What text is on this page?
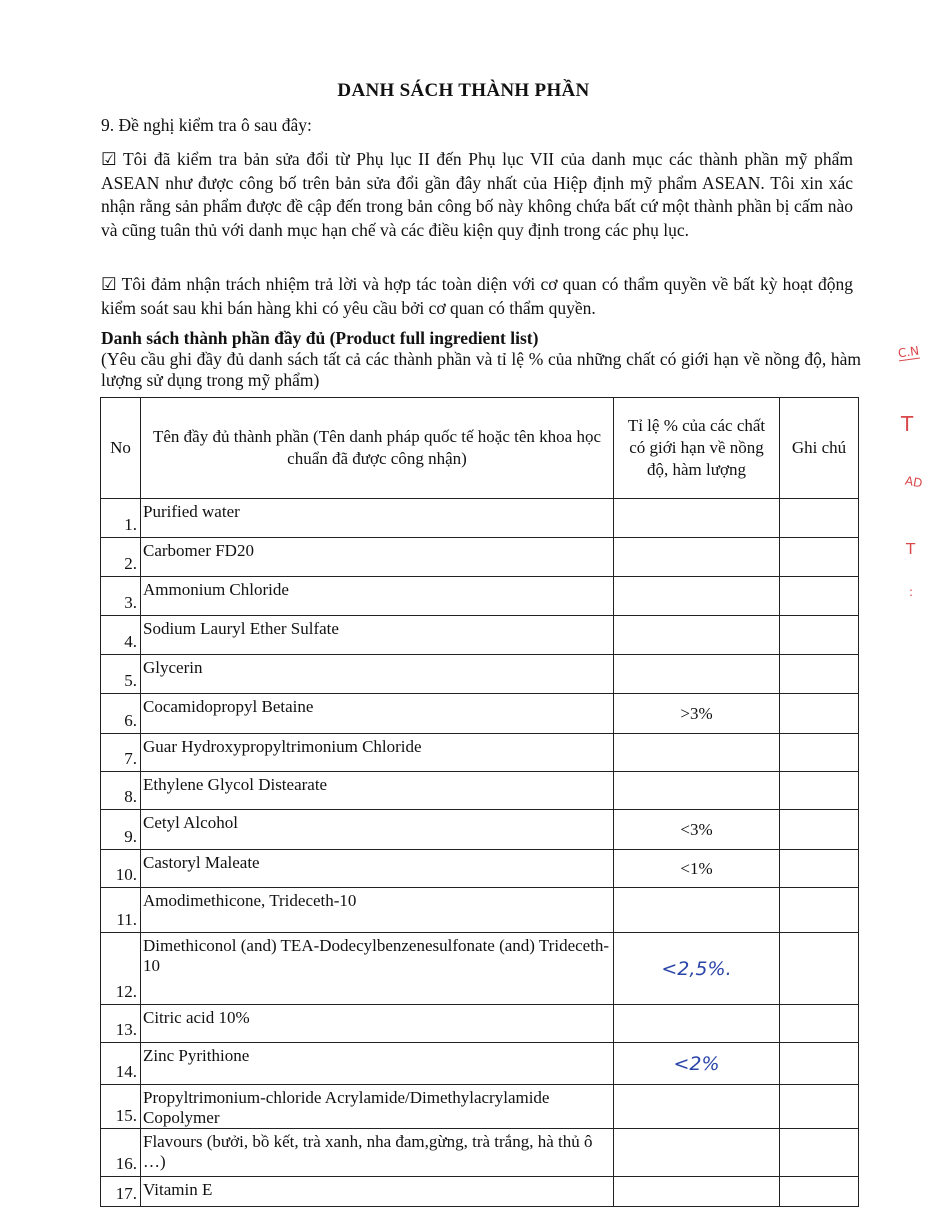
DANH SÁCH THÀNH PHẦN
9. Đề nghị kiểm tra ô sau đây:
☑ Tôi đã kiểm tra bản sửa đổi từ Phụ lục II đến Phụ lục VII của danh mục các thành phần mỹ phẩm ASEAN như được công bố trên bản sửa đổi gần đây nhất của Hiệp định mỹ phẩm ASEAN. Tôi xin xác nhận rằng sản phẩm được đề cập đến trong bản công bố này không chứa bất cứ một thành phần bị cấm nào và cũng tuân thủ với danh mục hạn chế và các điều kiện quy định trong các phụ lục.
☑ Tôi đảm nhận trách nhiệm trả lời và hợp tác toàn diện với cơ quan có thẩm quyền về bất kỳ hoạt động kiểm soát sau khi bán hàng khi có yêu cầu bởi cơ quan có thẩm quyền.
Danh sách thành phần đầy đủ (Product full ingredient list)
(Yêu cầu ghi đầy đủ danh sách tất cả các thành phần và tỉ lệ % của những chất có giới hạn về nồng độ, hàm lượng sử dụng trong mỹ phẩm)
No	Tên đầy đủ thành phần (Tên danh pháp quốc tế hoặc tên khoa học chuẩn đã được công nhận)	Tỉ lệ % của các chất có giới hạn về nồng độ, hàm lượng	Ghi chú
1.	Purified water		
2.	Carbomer FD20		
3.	Ammonium Chloride		
4.	Sodium Lauryl Ether Sulfate		
5.	Glycerin		
6.	Cocamidopropyl Betaine	>3%	
7.	Guar Hydroxypropyltrimonium Chloride		
8.	Ethylene Glycol Distearate		
9.	Cetyl Alcohol	<3%	
10.	Castoryl Maleate	<1%	
11.	Amodimethicone, Trideceth-10		
12.	Dimethiconol (and) TEA-Dodecylbenzenesulfonate (and) Trideceth-10	<2,5%.	
13.	Citric acid 10%		
14.	Zinc Pyrithione	<2%	
15.	Propyltrimonium-chloride Acrylamide/Dimethylacrylamide Copolymer		
16.	Flavours (bưởi, bồ kết, trà xanh, nha đam,gừng, trà trắng, hà thủ ô …)		
17.	Vitamin E		
C.N
T
AD
T
:
